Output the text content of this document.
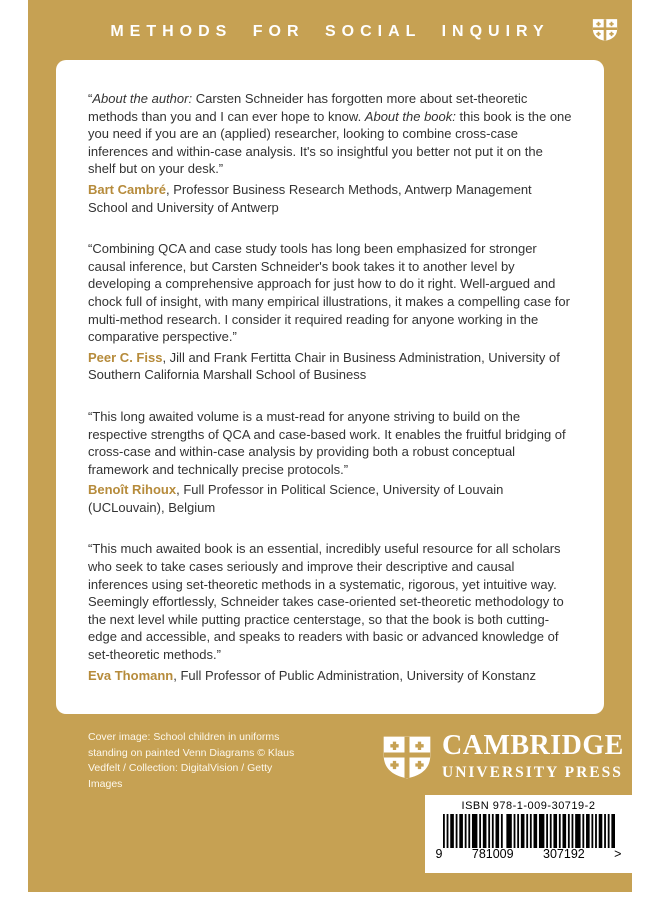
METHODS FOR SOCIAL INQUIRY

“About the author: Carsten Schneider has forgotten more about set-theoretic methods than you and I can ever hope to know. About the book: this book is the one you need if you are an (applied) researcher, looking to combine cross-case inferences and within-case analysis. It's so insightful you better not put it on the shelf but on your desk.”

Bart Cambré, Professor Business Research Methods, Antwerp Management School and University of Antwerp

“Combining QCA and case study tools has long been emphasized for stronger causal inference, but Carsten Schneider's book takes it to another level by developing a comprehensive approach for just how to do it right. Well-argued and chock full of insight, with many empirical illustrations, it makes a compelling case for multi-method research. I consider it required reading for anyone working in the comparative perspective.”

Peer C. Fiss, Jill and Frank Fertitta Chair in Business Administration, University of Southern California Marshall School of Business

“This long awaited volume is a must-read for anyone striving to build on the respective strengths of QCA and case-based work. It enables the fruitful bridging of cross-case and within-case analysis by providing both a robust conceptual framework and technically precise protocols.”

Benoît Rihoux, Full Professor in Political Science, University of Louvain (UCLouvain), Belgium

“This much awaited book is an essential, incredibly useful resource for all scholars who seek to take cases seriously and improve their descriptive and causal inferences using set-theoretic methods in a systematic, rigorous, yet intuitive way. Seemingly effortlessly, Schneider takes case-oriented set-theoretic methodology to the next level while putting practice centerstage, so that the book is both cutting-edge and accessible, and speaks to readers with basic or advanced knowledge of set-theoretic methods.”

Eva Thomann, Full Professor of Public Administration, University of Konstanz

Cover image: School children in uniforms standing on painted Venn Diagrams © Klaus Vedfelt / Collection: DigitalVision / Getty Images
CAMBRIDGE
UNIVERSITY PRESS
ISBN 978-1-009-30719-2
9 781009 307192 >
